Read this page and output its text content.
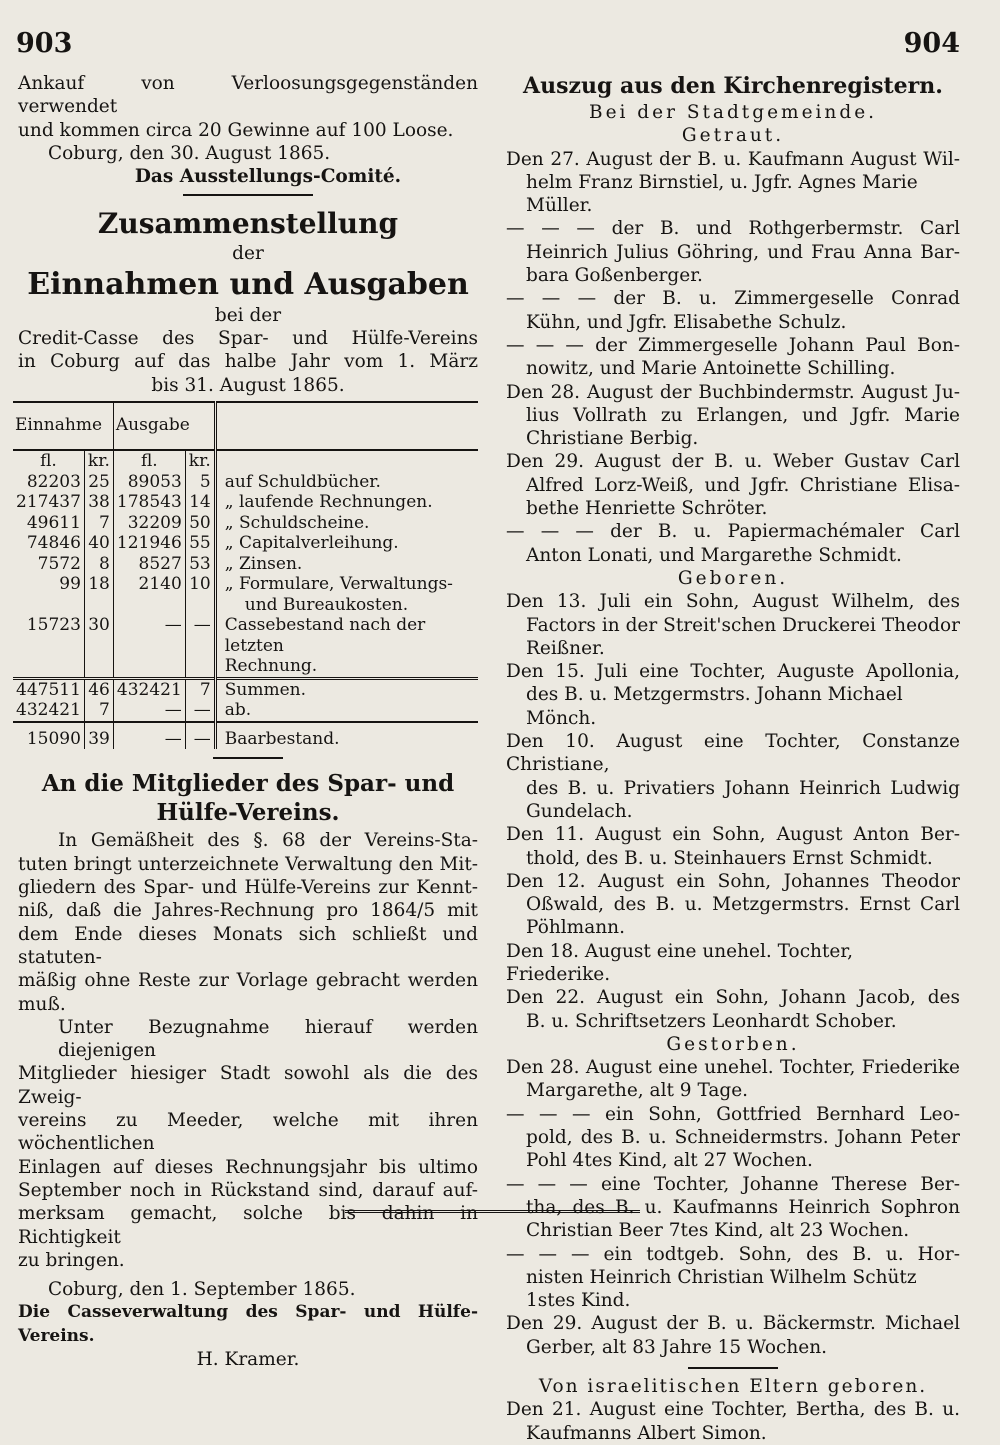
903	904

Ankauf von Verloosungsgegenständen verwendet

und kommen circa 20 Gewinne auf 100 Loose.

Coburg, den 30. August 1865.

Das Ausstellungs-Comité.

Zusammenstellung

der

Einnahmen und Ausgaben

bei der

Credit-Casse des Spar- und Hülfe-Vereins

in Coburg auf das halbe Jahr vom 1. März

bis 31. August 1865.

Einnahme		Ausgabe		
fl.	kr.	fl.	kr.	
82203	25	89053	5	auf Schuldbücher.
217437	38	178543	14	„ laufende Rechnungen.
49611	7	32209	50	„ Schuldscheine.
74846	40	121946	55	„ Capitalverleihung.
7572	8	8527	53	„ Zinsen.
99	18	2140	10	„ Formulare, Verwaltungs-
				und Bureaukosten.
15723	30	—	—	Cassebestand nach der letzten
				Rechnung.
447511	46	432421	7	Summen.
432421	7	—	—	ab.
15090	39	—	—	Baarbestand.

An die Mitglieder des Spar- und

Hülfe-Vereins.

In Gemäßheit des §. 68 der Vereins-Sta-

tuten bringt unterzeichnete Verwaltung den Mit-

gliedern des Spar- und Hülfe-Vereins zur Kennt-

niß, daß die Jahres-Rechnung pro 1864/5 mit

dem Ende dieses Monats sich schließt und statuten-

mäßig ohne Reste zur Vorlage gebracht werden muß.

Unter Bezugnahme hierauf werden diejenigen

Mitglieder hiesiger Stadt sowohl als die des Zweig-

vereins zu Meeder, welche mit ihren wöchentlichen

Einlagen auf dieses Rechnungsjahr bis ultimo

September noch in Rückstand sind, darauf auf-

merksam gemacht, solche bis dahin in Richtigkeit

zu bringen.

Coburg, den 1. September 1865.

Die Casseverwaltung des Spar- und Hülfe-Vereins.

H. Kramer.

Auszug aus den Kirchenregistern.

Bei der Stadtgemeinde.

Getraut.

Den 27. August der B. u. Kaufmann August Wil-

helm Franz Birnstiel, u. Jgfr. Agnes Marie Müller.

— — — der B. und Rothgerbermstr. Carl

Heinrich Julius Göhring, und Frau Anna Bar-

bara Goßenberger.

— — — der B. u. Zimmergeselle Conrad

Kühn, und Jgfr. Elisabethe Schulz.

— — — der Zimmergeselle Johann Paul Bon-

nowitz, und Marie Antoinette Schilling.

Den 28. August der Buchbindermstr. August Ju-

lius Vollrath zu Erlangen, und Jgfr. Marie

Christiane Berbig.

Den 29. August der B. u. Weber Gustav Carl

Alfred Lorz-Weiß, und Jgfr. Christiane Elisa-

bethe Henriette Schröter.

— — — der B. u. Papiermachémaler Carl

Anton Lonati, und Margarethe Schmidt.

Geboren.

Den 13. Juli ein Sohn, August Wilhelm, des

Factors in der Streit'schen Druckerei Theodor

Reißner.

Den 15. Juli eine Tochter, Auguste Apollonia,

des B. u. Metzgermstrs. Johann Michael Mönch.

Den 10. August eine Tochter, Constanze Christiane,

des B. u. Privatiers Johann Heinrich Ludwig

Gundelach.

Den 11. August ein Sohn, August Anton Ber-

thold, des B. u. Steinhauers Ernst Schmidt.

Den 12. August ein Sohn, Johannes Theodor

Oßwald, des B. u. Metzgermstrs. Ernst Carl

Pöhlmann.

Den 18. August eine unehel. Tochter, Friederike.

Den 22. August ein Sohn, Johann Jacob, des

B. u. Schriftsetzers Leonhardt Schober.

Gestorben.

Den 28. August eine unehel. Tochter, Friederike

Margarethe, alt 9 Tage.

— — — ein Sohn, Gottfried Bernhard Leo-

pold, des B. u. Schneidermstrs. Johann Peter

Pohl 4tes Kind, alt 27 Wochen.

— — — eine Tochter, Johanne Therese Ber-

tha, des B. u. Kaufmanns Heinrich Sophron

Christian Beer 7tes Kind, alt 23 Wochen.

— — — ein todtgeb. Sohn, des B. u. Hor-

nisten Heinrich Christian Wilhelm Schütz 1stes Kind.

Den 29. August der B. u. Bäckermstr. Michael

Gerber, alt 83 Jahre 15 Wochen.

Von israelitischen Eltern geboren.

Den 21. August eine Tochter, Bertha, des B. u.

Kaufmanns Albert Simon.
